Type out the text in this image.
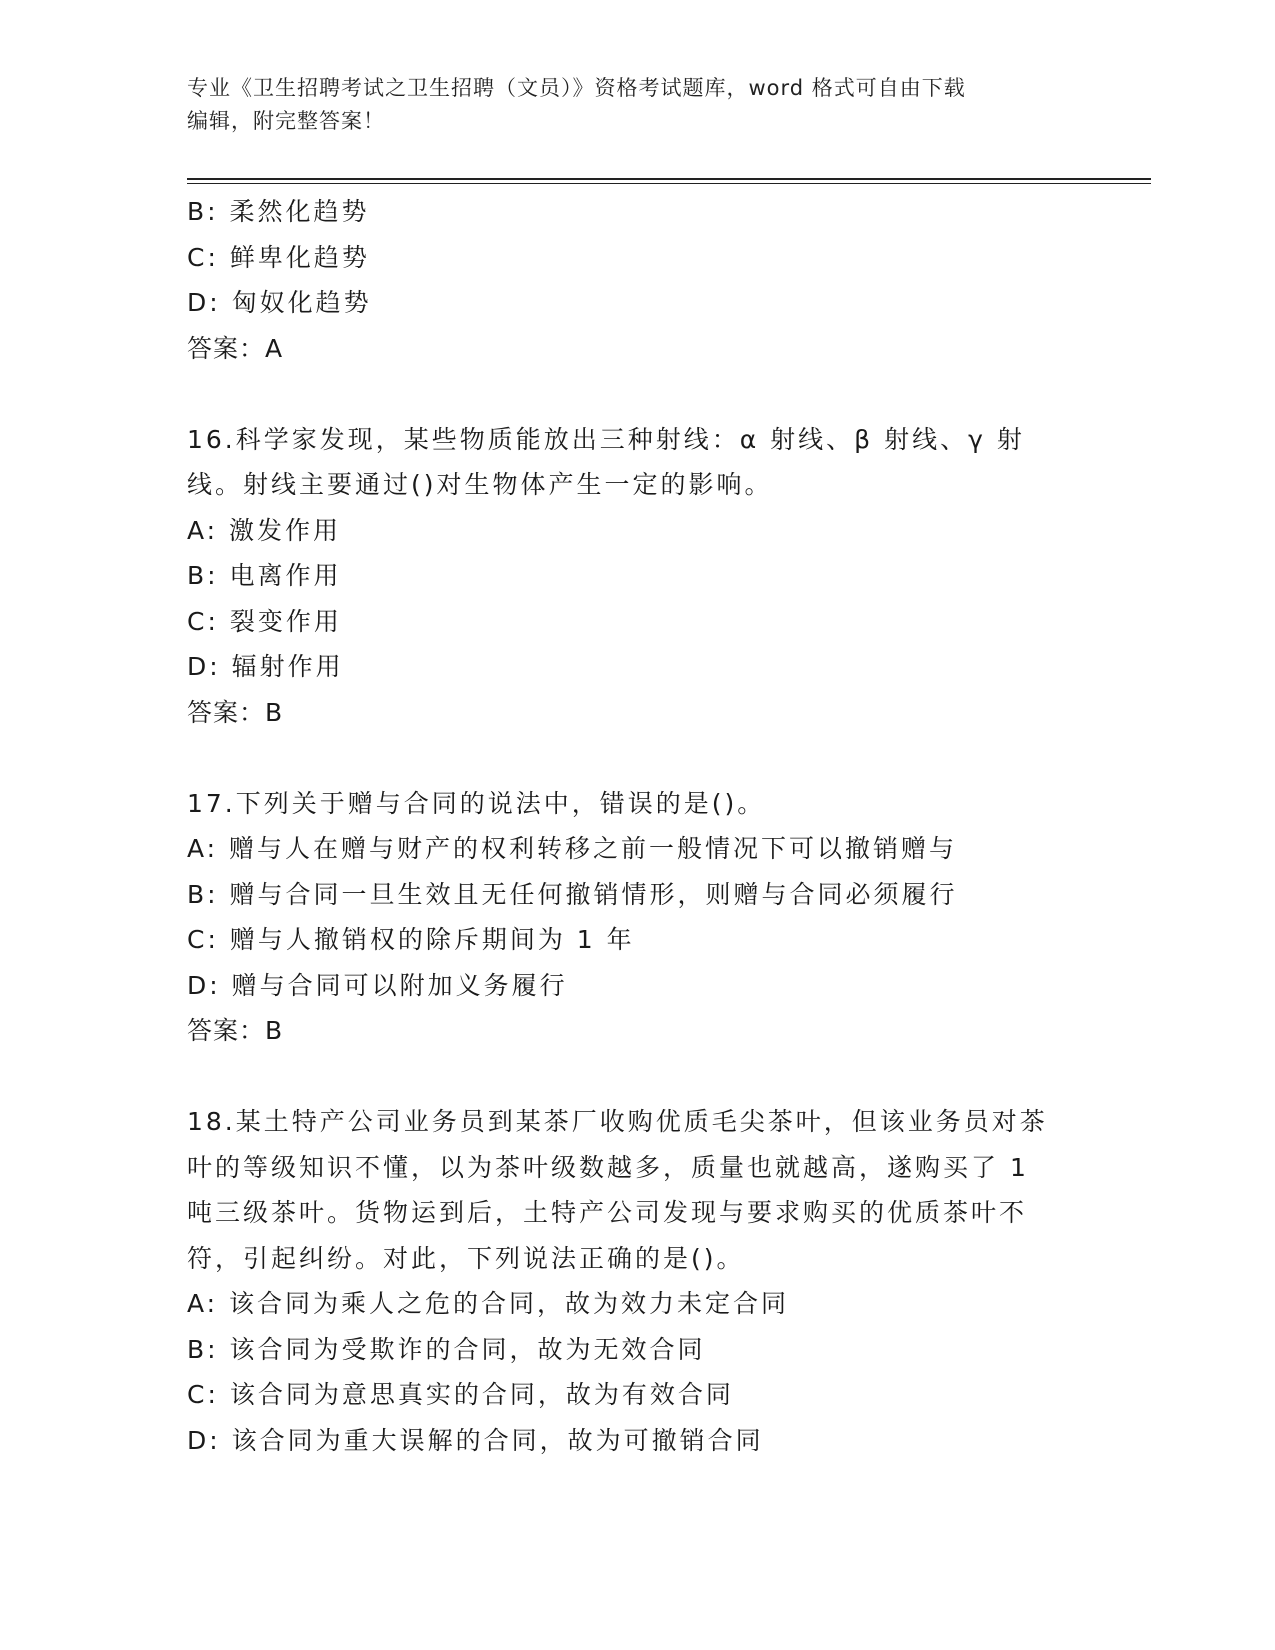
专业《卫生招聘考试之卫生招聘（文员）》资格考试题库，word 格式可自由下载
编辑，附完整答案！
B: 柔然化趋势
C: 鲜卑化趋势
D: 匈奴化趋势
答案：A
16.科学家发现，某些物质能放出三种射线：α 射线、β 射线、γ 射
线。射线主要通过()对生物体产生一定的影响。
A: 激发作用
B: 电离作用
C: 裂变作用
D: 辐射作用
答案：B
17.下列关于赠与合同的说法中，错误的是()。
A: 赠与人在赠与财产的权利转移之前一般情况下可以撤销赠与
B: 赠与合同一旦生效且无任何撤销情形，则赠与合同必须履行
C: 赠与人撤销权的除斥期间为 1 年
D: 赠与合同可以附加义务履行
答案：B
18.某土特产公司业务员到某茶厂收购优质毛尖茶叶，但该业务员对茶
叶的等级知识不懂，以为茶叶级数越多，质量也就越高，遂购买了 1
吨三级茶叶。货物运到后，土特产公司发现与要求购买的优质茶叶不
符，引起纠纷。对此，下列说法正确的是()。
A: 该合同为乘人之危的合同，故为效力未定合同
B: 该合同为受欺诈的合同，故为无效合同
C: 该合同为意思真实的合同，故为有效合同
D: 该合同为重大误解的合同，故为可撤销合同
